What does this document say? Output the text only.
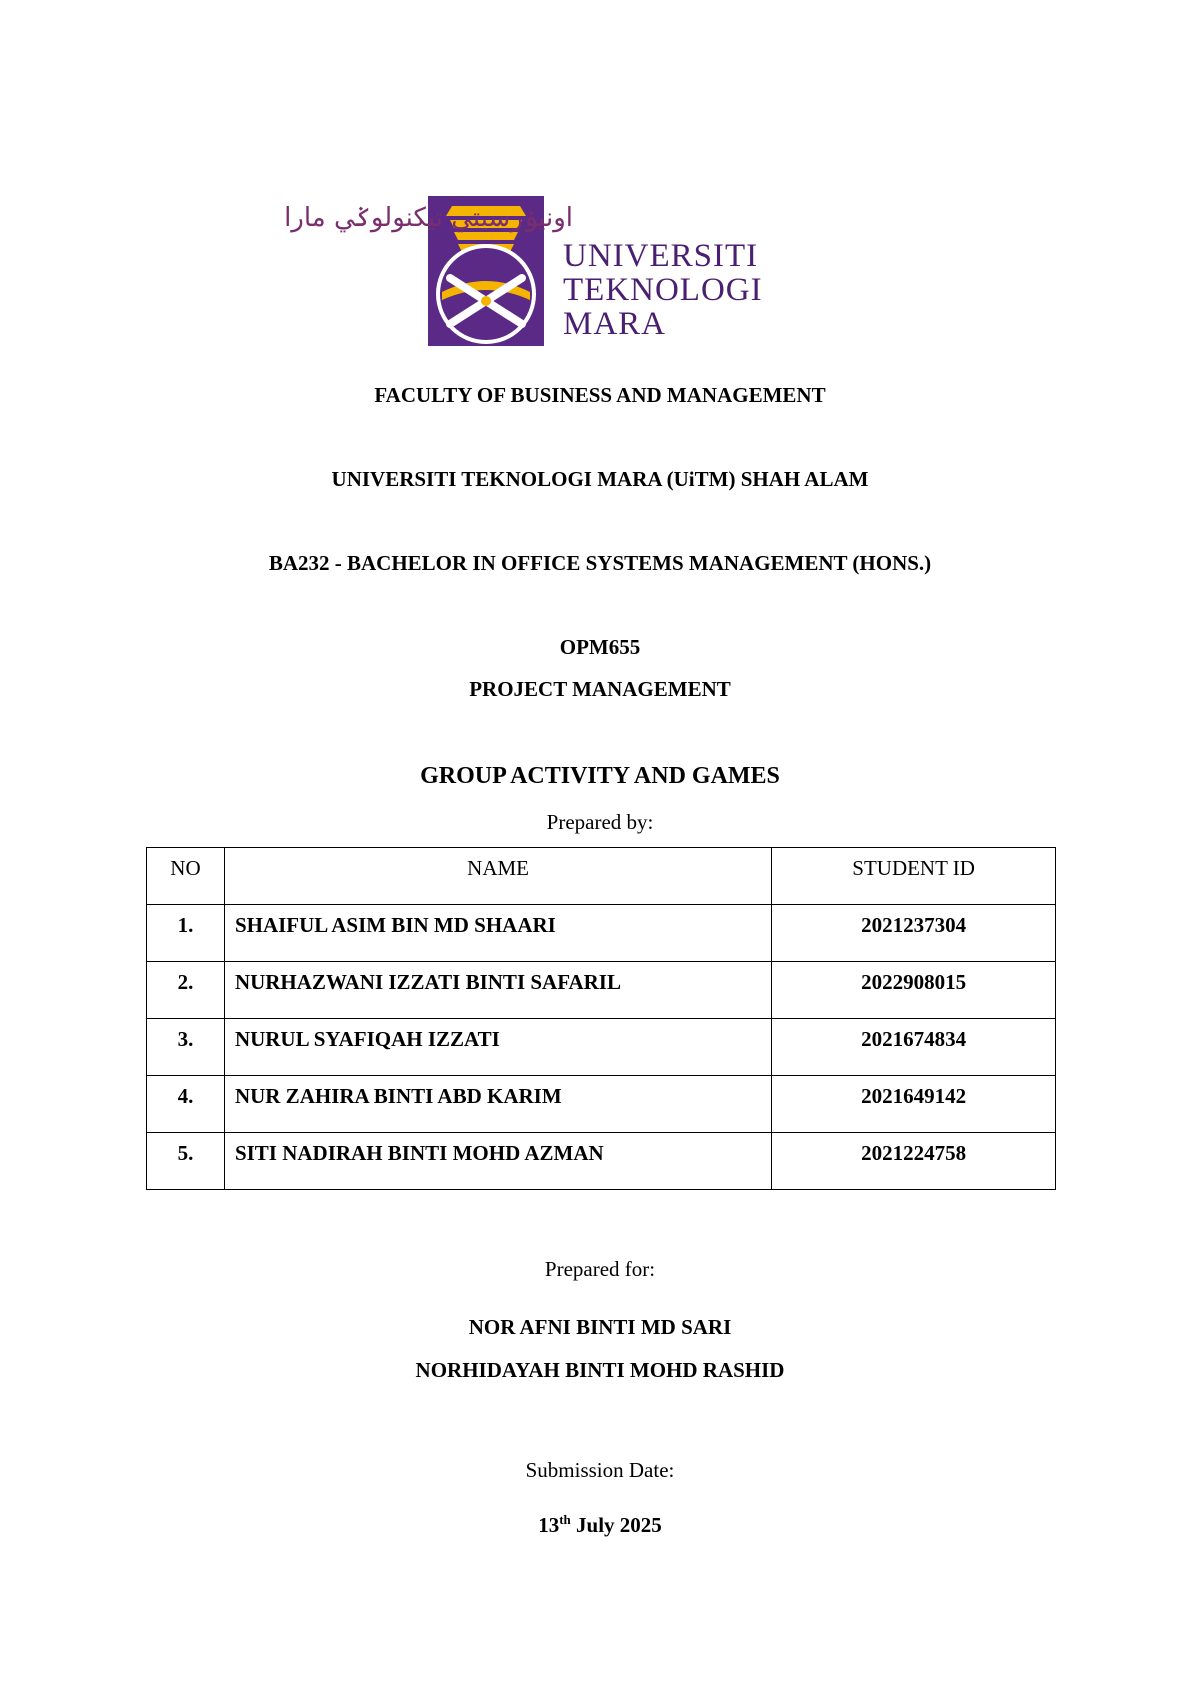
اونيۏرسيتي تيکنولوݢي مارا
UNIVERSITI
TEKNOLOGI
MARA
FACULTY OF BUSINESS AND MANAGEMENT
UNIVERSITI TEKNOLOGI MARA (UiTM) SHAH ALAM
BA232 - BACHELOR IN OFFICE SYSTEMS MANAGEMENT (HONS.)
OPM655
PROJECT MANAGEMENT
GROUP ACTIVITY AND GAMES
Prepared by:
NO	NAME	STUDENT ID
1.	SHAIFUL ASIM BIN MD SHAARI	2021237304
2.	NURHAZWANI IZZATI BINTI SAFARIL	2022908015
3.	NURUL SYAFIQAH IZZATI	2021674834
4.	NUR ZAHIRA BINTI ABD KARIM	2021649142
5.	SITI NADIRAH BINTI MOHD AZMAN	2021224758
Prepared for:
NOR AFNI BINTI MD SARI
NORHIDAYAH BINTI MOHD RASHID
Submission Date:
13th July 2025
